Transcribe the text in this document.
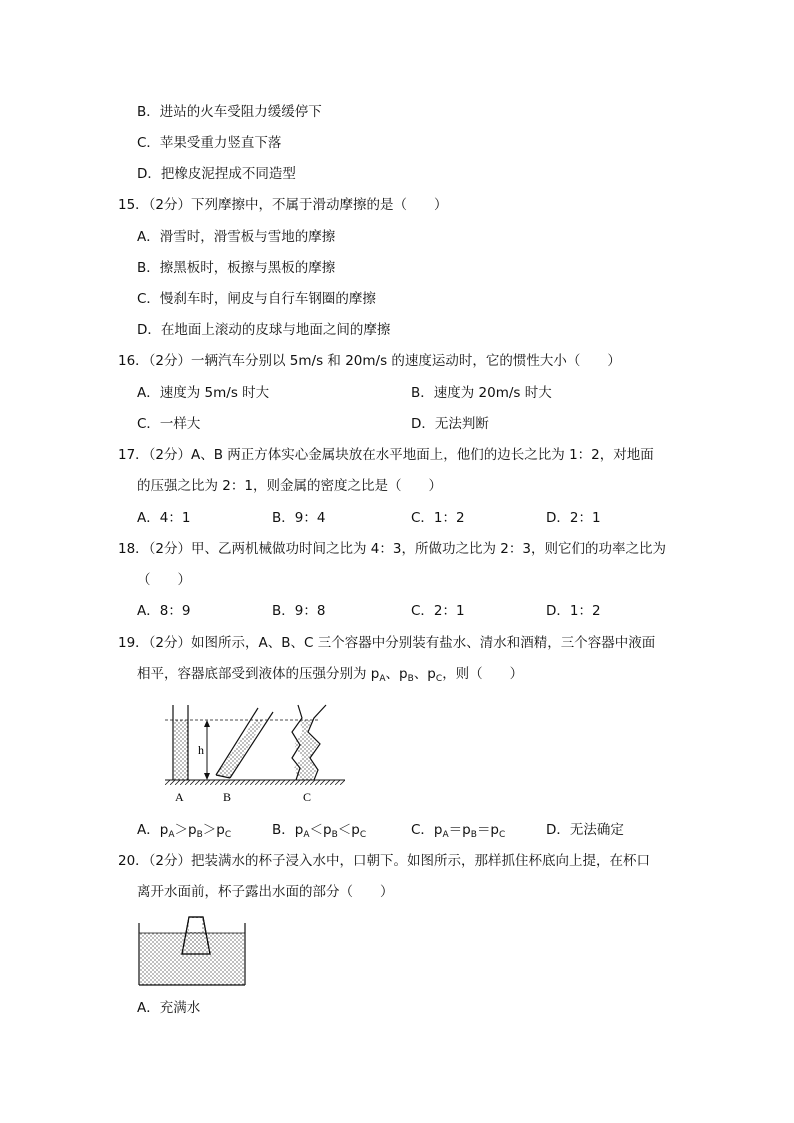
B．进站的火车受阻力缓缓停下
C．苹果受重力竖直下落
D．把橡皮泥捏成不同造型
15．（2分）下列摩擦中，不属于滑动摩擦的是（　　）
A．滑雪时，滑雪板与雪地的摩擦
B．擦黑板时，板擦与黑板的摩擦
C．慢刹车时，闸皮与自行车钢圈的摩擦
D．在地面上滚动的皮球与地面之间的摩擦
16．（2分）一辆汽车分别以 5m/s 和 20m/s 的速度运动时，它的惯性大小（　　）
A．速度为 5m/s 时大	B．速度为 20m/s 时大
C．一样大	D．无法判断
17．（2分）A、B 两正方体实心金属块放在水平地面上，他们的边长之比为 1：2，对地面
的压强之比为 2：1，则金属的密度之比是（　　）
A．4：1	B．9：4	C．1：2	D．2：1
18．（2分）甲、乙两机械做功时间之比为 4：3，所做功之比为 2：3，则它们的功率之比为
（　　）
A．8：9	B．9：8	C．2：1	D．1：2
19．（2分）如图所示，A、B、C 三个容器中分别装有盐水、清水和酒精，三个容器中液面
相平，容器底部受到液体的压强分别为 $p_A$、$p_B$、$p_C$，则（　　）
h
A	B	C
A．$p_A>p_B>p_C$	B．$p_A<p_B<p_C$	C．$p_A=p_B=p_C$	D．无法确定
20．（2分）把装满水的杯子浸入水中，口朝下。如图所示，那样抓住杯底向上提，在杯口
离开水面前，杯子露出水面的部分（　　）
A．充满水
